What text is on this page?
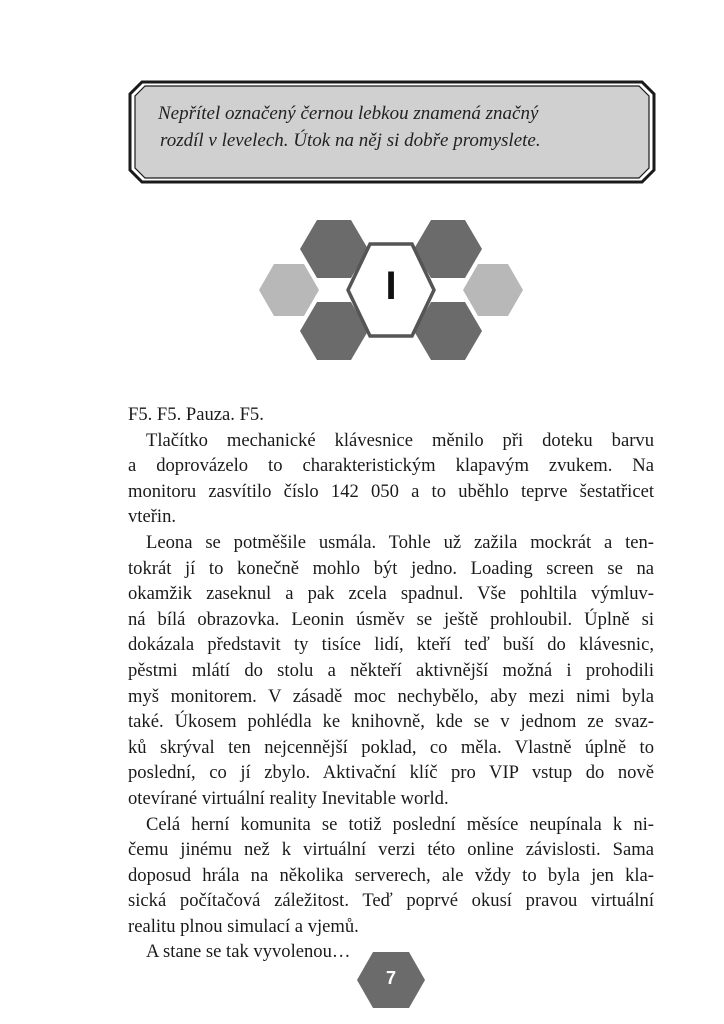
Nepřítel označený černou lebkou znamená značný
rozdíl v levelech. Útok na něj si dobře promyslete.
I
F5. F5. Pauza. F5.
Tlačítko mechanické klávesnice měnilo při doteku barvu
a doprovázelo to charakteristickým klapavým zvukem. Na
monitoru zasvítilo číslo 142 050 a to uběhlo teprve šestatřicet
vteřin.
Leona se potměšile usmála. Tohle už zažila mockrát a ten-
tokrát jí to konečně mohlo být jedno. Loading screen se na
okamžik zaseknul a pak zcela spadnul. Vše pohltila výmluv-
ná bílá obrazovka. Leonin úsměv se ještě prohloubil. Úplně si
dokázala představit ty tisíce lidí, kteří teď buší do klávesnic,
pěstmi mlátí do stolu a někteří aktivnější možná i prohodili
myš monitorem. V zásadě moc nechybělo, aby mezi nimi byla
také. Úkosem pohlédla ke knihovně, kde se v jednom ze svaz-
ků skrýval ten nejcennější poklad, co měla. Vlastně úplně to
poslední, co jí zbylo. Aktivační klíč pro VIP vstup do nově
otevírané virtuální reality Inevitable world.
Celá herní komunita se totiž poslední měsíce neupínala k ni-
čemu jinému než k virtuální verzi této online závislosti. Sama
doposud hrála na několika serverech, ale vždy to byla jen kla-
sická počítačová záležitost. Teď poprvé okusí pravou virtuální
realitu plnou simulací a vjemů.
A stane se tak vyvolenou…
7
